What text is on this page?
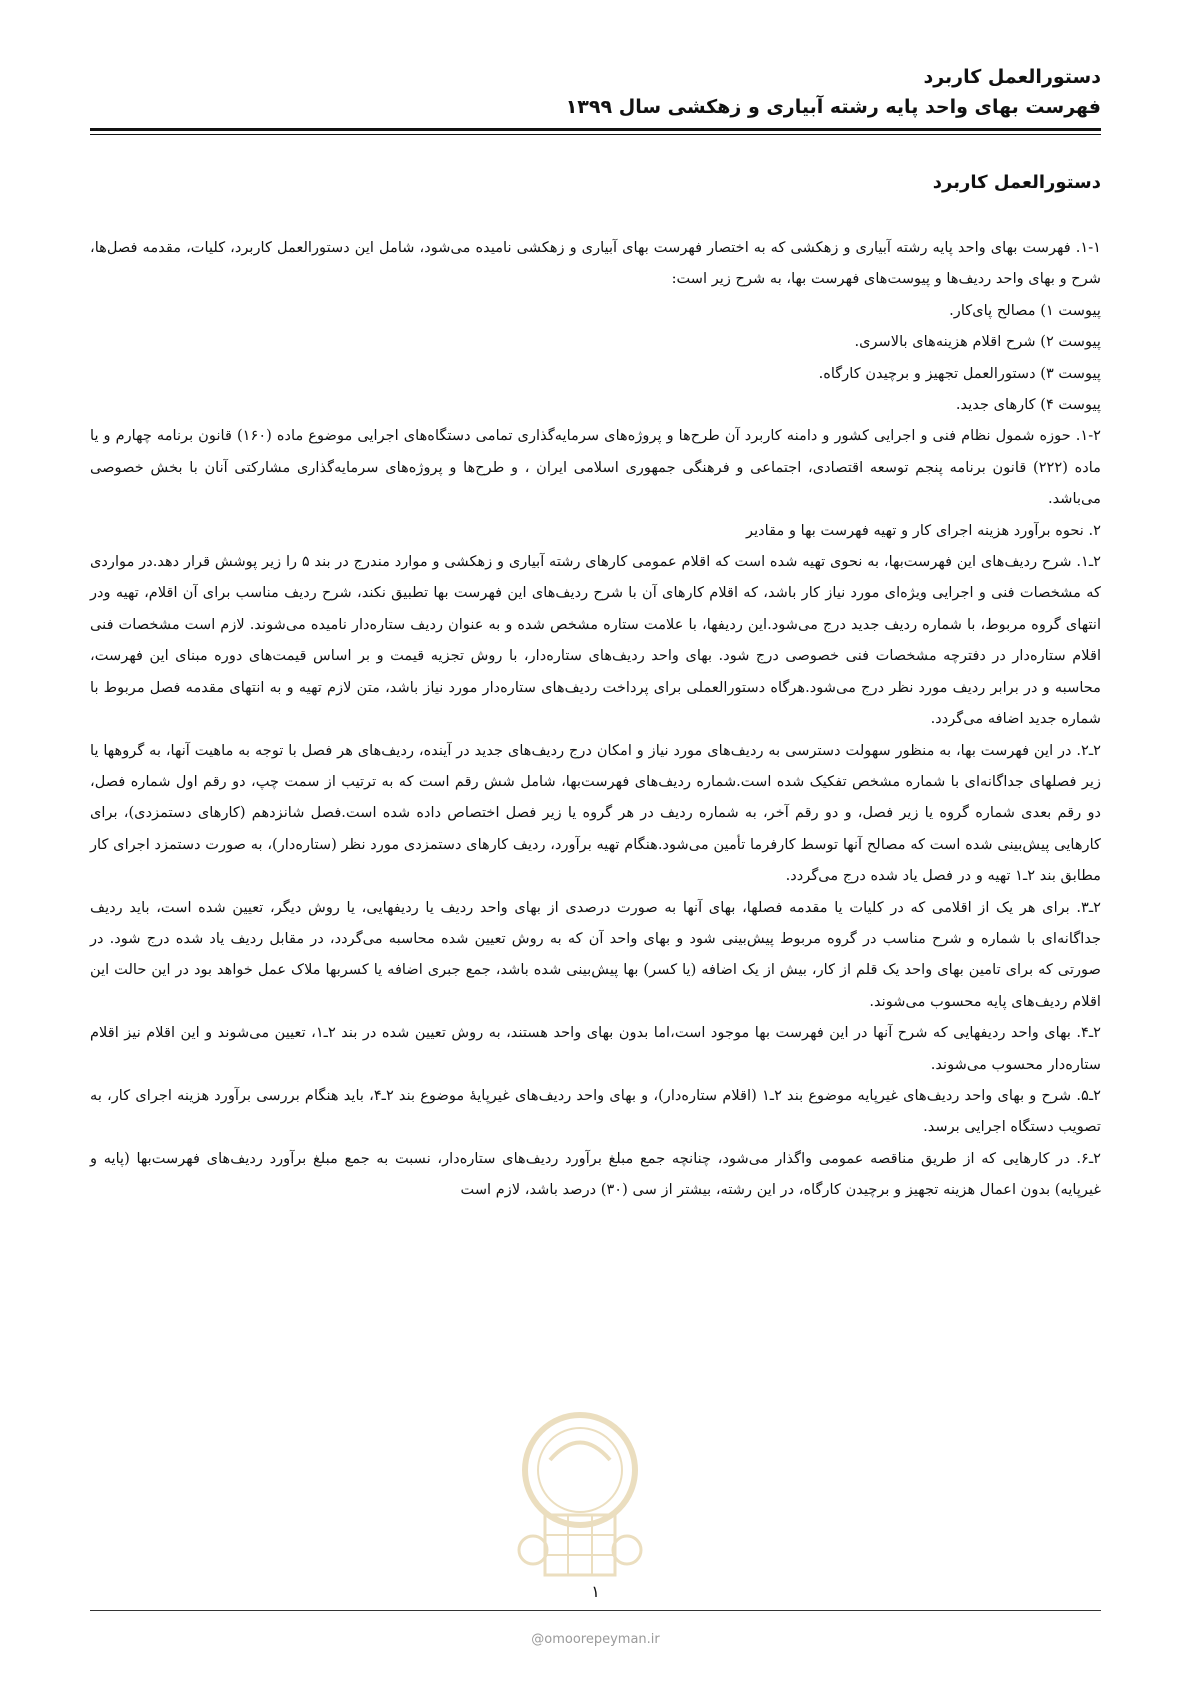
دستورالعمل کاربرد
فهرست بهای واحد پایه رشته آبیاری و زهکشی سال ۱۳۹۹
دستورالعمل کاربرد

۱-۱. فهرست بهای واحد پایه رشته آبیاری و زهکشی که به اختصار فهرست بهای آبیاری و زهکشی نامیده می‌شود، شامل این دستورالعمل کاربرد، کلیات، مقدمه فصل‌ها، شرح و بهای واحد ردیف‌ها و پیوست‌های فهرست بها، به شرح زیر است:

پیوست ۱) مصالح پای‌کار.

پیوست ۲) شرح اقلام هزینه‌های بالاسری.

پیوست ۳) دستورالعمل تجهیز و برچیدن کارگاه.

پیوست ۴) کارهای جدید.

۱-۲. حوزه شمول نظام فنی و اجرایی کشور و دامنه کاربرد آن طرح‌ها و پروژه‌های سرمایه‌گذاری تمامی دستگاه‌های اجرایی موضوع ماده (۱۶۰) قانون برنامه چهارم و یا ماده (۲۲۲) قانون برنامه پنجم توسعه اقتصادی، اجتماعی و فرهنگی جمهوری اسلامی ایران ، و طرح‌ها و پروژه‌های سرمایه‌گذاری مشارکتی آنان با بخش خصوصی می‌باشد.

۲. نحوه برآورد هزینه اجرای کار و تهیه فهرست بها و مقادیر

۲ـ۱. شرح ردیف‌های این فهرست‌بها، به نحوی تهیه شده است که اقلام عمومی کارهای رشته آبیاری و زهکشی و موارد مندرج در بند ۵ را زیر پوشش قرار دهد.در مواردی که مشخصات فنی و اجرایی ویژه‌ای مورد نیاز کار باشد، که اقلام کارهای آن با شرح ردیف‌های این فهرست بها تطبیق نکند، شرح ردیف مناسب برای آن اقلام، تهیه ودر انتهای گروه مربوط، با شماره ردیف جدید درج می‌شود.این ردیفها، با علامت ستاره مشخص شده و به عنوان ردیف ستاره‌دار نامیده می‌شوند. لازم است مشخصات فنی اقلام ستاره‌دار در دفترچه مشخصات فنی خصوصی درج شود. بهای واحد ردیف‌های ستاره‌دار، با روش تجزیه قیمت و بر اساس قیمت‌های دوره مبنای این فهرست، محاسبه و در برابر ردیف مورد نظر درج می‌شود.هرگاه دستورالعملی برای پرداخت ردیف‌های ستاره‌دار مورد نیاز باشد، متن لازم تهیه و به انتهای مقدمه فصل مربوط با شماره جدید اضافه می‌گردد.

۲ـ۲. در این فهرست بها، به منظور سهولت دسترسی به ردیف‌های مورد نیاز و امکان درج ردیف‌های جدید در آینده، ردیف‌های هر فصل با توجه به ماهیت آنها، به گروهها یا زیر فصلهای جداگانه‌ای با شماره مشخص تفکیک شده است.شماره ردیف‌های فهرست‌بها، شامل شش رقم است که به ترتیب از سمت چپ، دو رقم اول شماره فصل، دو رقم بعدی شماره گروه یا زیر فصل، و دو رقم آخر، به شماره ردیف در هر گروه یا زیر فصل اختصاص داده شده است.فصل شانزدهم (کارهای دستمزدی)، برای کارهایی پیش‌بینی شده است که مصالح آنها توسط کارفرما تأمین می‌شود.هنگام تهیه برآورد، ردیف کارهای دستمزدی مورد نظر (ستاره‌دار)، به صورت دستمزد اجرای کار مطابق بند ۲ـ۱ تهیه و در فصل یاد شده درج می‌گردد.

۲ـ۳. برای هر یک از اقلامی که در کلیات یا مقدمه فصلها، بهای آنها به صورت درصدی از بهای واحد ردیف یا ردیفهایی، یا روش دیگر، تعیین شده است، باید ردیف جداگانه‌ای با شماره و شرح مناسب در گروه مربوط پیش‌بینی شود و بهای واحد آن که به روش تعیین شده محاسبه می‌گردد، در مقابل ردیف یاد شده درج شود. در صورتی که برای تامین بهای واحد یک قلم از کار، بیش از یک اضافه (یا کسر) بها پیش‌بینی شده باشد، جمع جبری اضافه یا کسربها ملاک عمل خواهد بود در این حالت این اقلام ردیف‌های پایه محسوب می‌شوند.

۲ـ۴. بهای واحد ردیفهایی که شرح آنها در این فهرست بها موجود است،اما بدون بهای واحد هستند، به روش تعیین شده در بند ۲ـ۱، تعیین می‌شوند و این اقلام نیز اقلام ستاره‌دار محسوب می‌شوند.

۲ـ۵. شرح و بهای واحد ردیف‌های غیرپایه موضوع بند ۲ـ۱ (اقلام ستاره‌دار)، و بهای واحد ردیف‌های غیرپایهٔ موضوع بند ۲ـ۴، باید هنگام بررسی برآورد هزینه اجرای کار، به تصویب دستگاه اجرایی برسد.

۲ـ۶. در کارهایی که از طریق مناقصه عمومی واگذار می‌شود، چنانچه جمع مبلغ برآورد ردیف‌های ستاره‌دار، نسبت به جمع مبلغ برآورد ردیف‌های فهرست‌بها (پایه و غیرپایه) بدون اعمال هزینه تجهیز و برچیدن کارگاه، در این رشته، بیشتر از سی (۳۰) درصد باشد، لازم است

۱
@omoorepeyman.ir
